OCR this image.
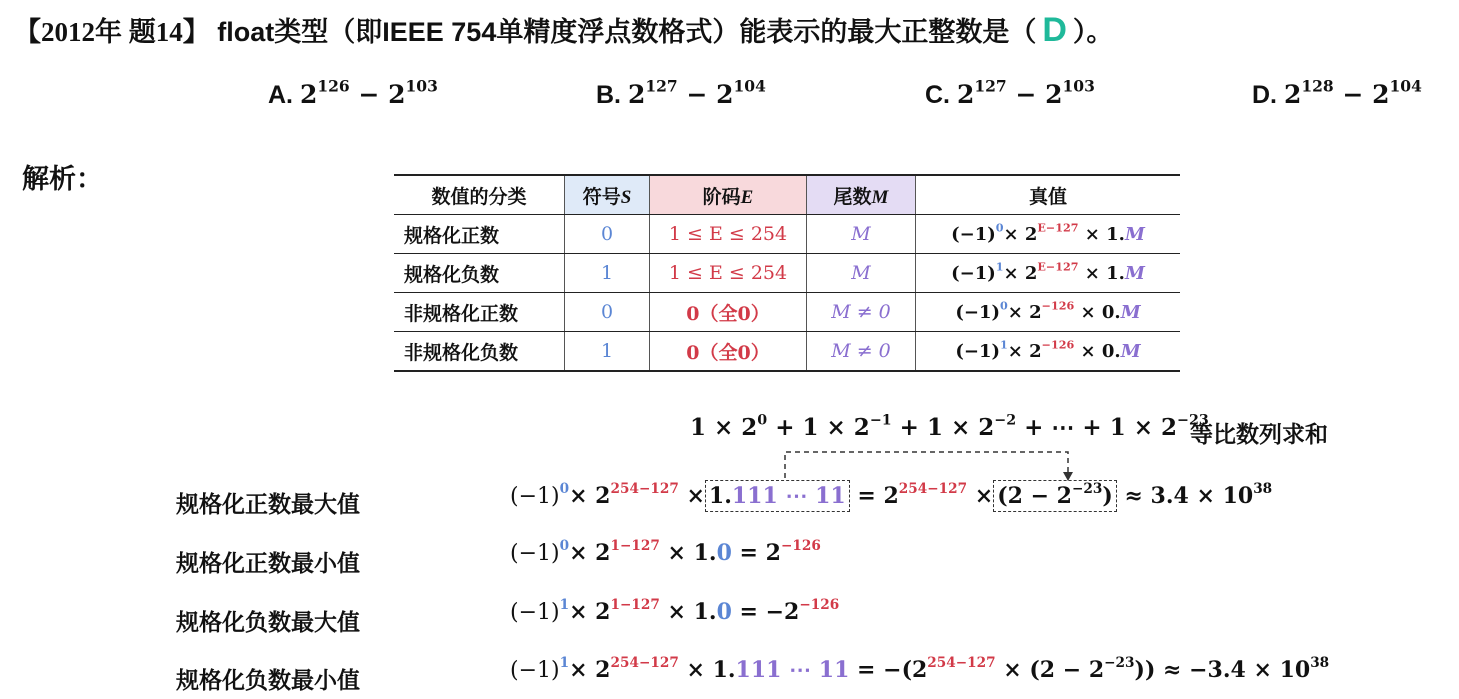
【2012年 题14】 float类型（即IEEE 754单精度浮点数格式）能表示的最大正整数是（ D ）。
A. $2^{126} - 2^{103}$	B. $2^{127} - 2^{104}$	C. $2^{127} - 2^{103}$	D. $2^{128} - 2^{104}$
解析：
数值的分类	符号S	阶码E	尾数M	真值
规格化正数	0	1 ≤ E ≤ 254	M	$(-1)^0\times 2^{E-127} \times 1.M$
规格化负数	1	1 ≤ E ≤ 254	M	$(-1)^1\times 2^{E-127} \times 1.M$
非规格化正数	0	0（全0）	M ≠ 0	$(-1)^0\times 2^{-126} \times 0.M$
非规格化负数	1	0（全0）	M ≠ 0	$(-1)^1\times 2^{-126} \times 0.M$
$1 \times 2^0 + 1 \times 2^{-1} + 1 \times 2^{-2}$ + ⋯ + $1 \times 2^{-23}$
等比数列求和
规格化正数最大值	$(-1)^0\times 2^{254-127} \times 1.111$ ⋯ $11 = 2^{254-127} \times (2 - 2^{-23}) \approx 3.4 \times 10^{38}$
规格化正数最小值	$(-1)^0\times 2^{1-127} \times 1.0 = 2^{-126}$
规格化负数最大值	$(-1)^1\times 2^{1-127} \times 1.0 = -2^{-126}$
规格化负数最小值	$(-1)^1\times 2^{254-127} \times 1.111$ ⋯ $11 = -(2^{254-127} \times (2 - 2^{-23})) \approx -3.4 \times 10^{38}$
